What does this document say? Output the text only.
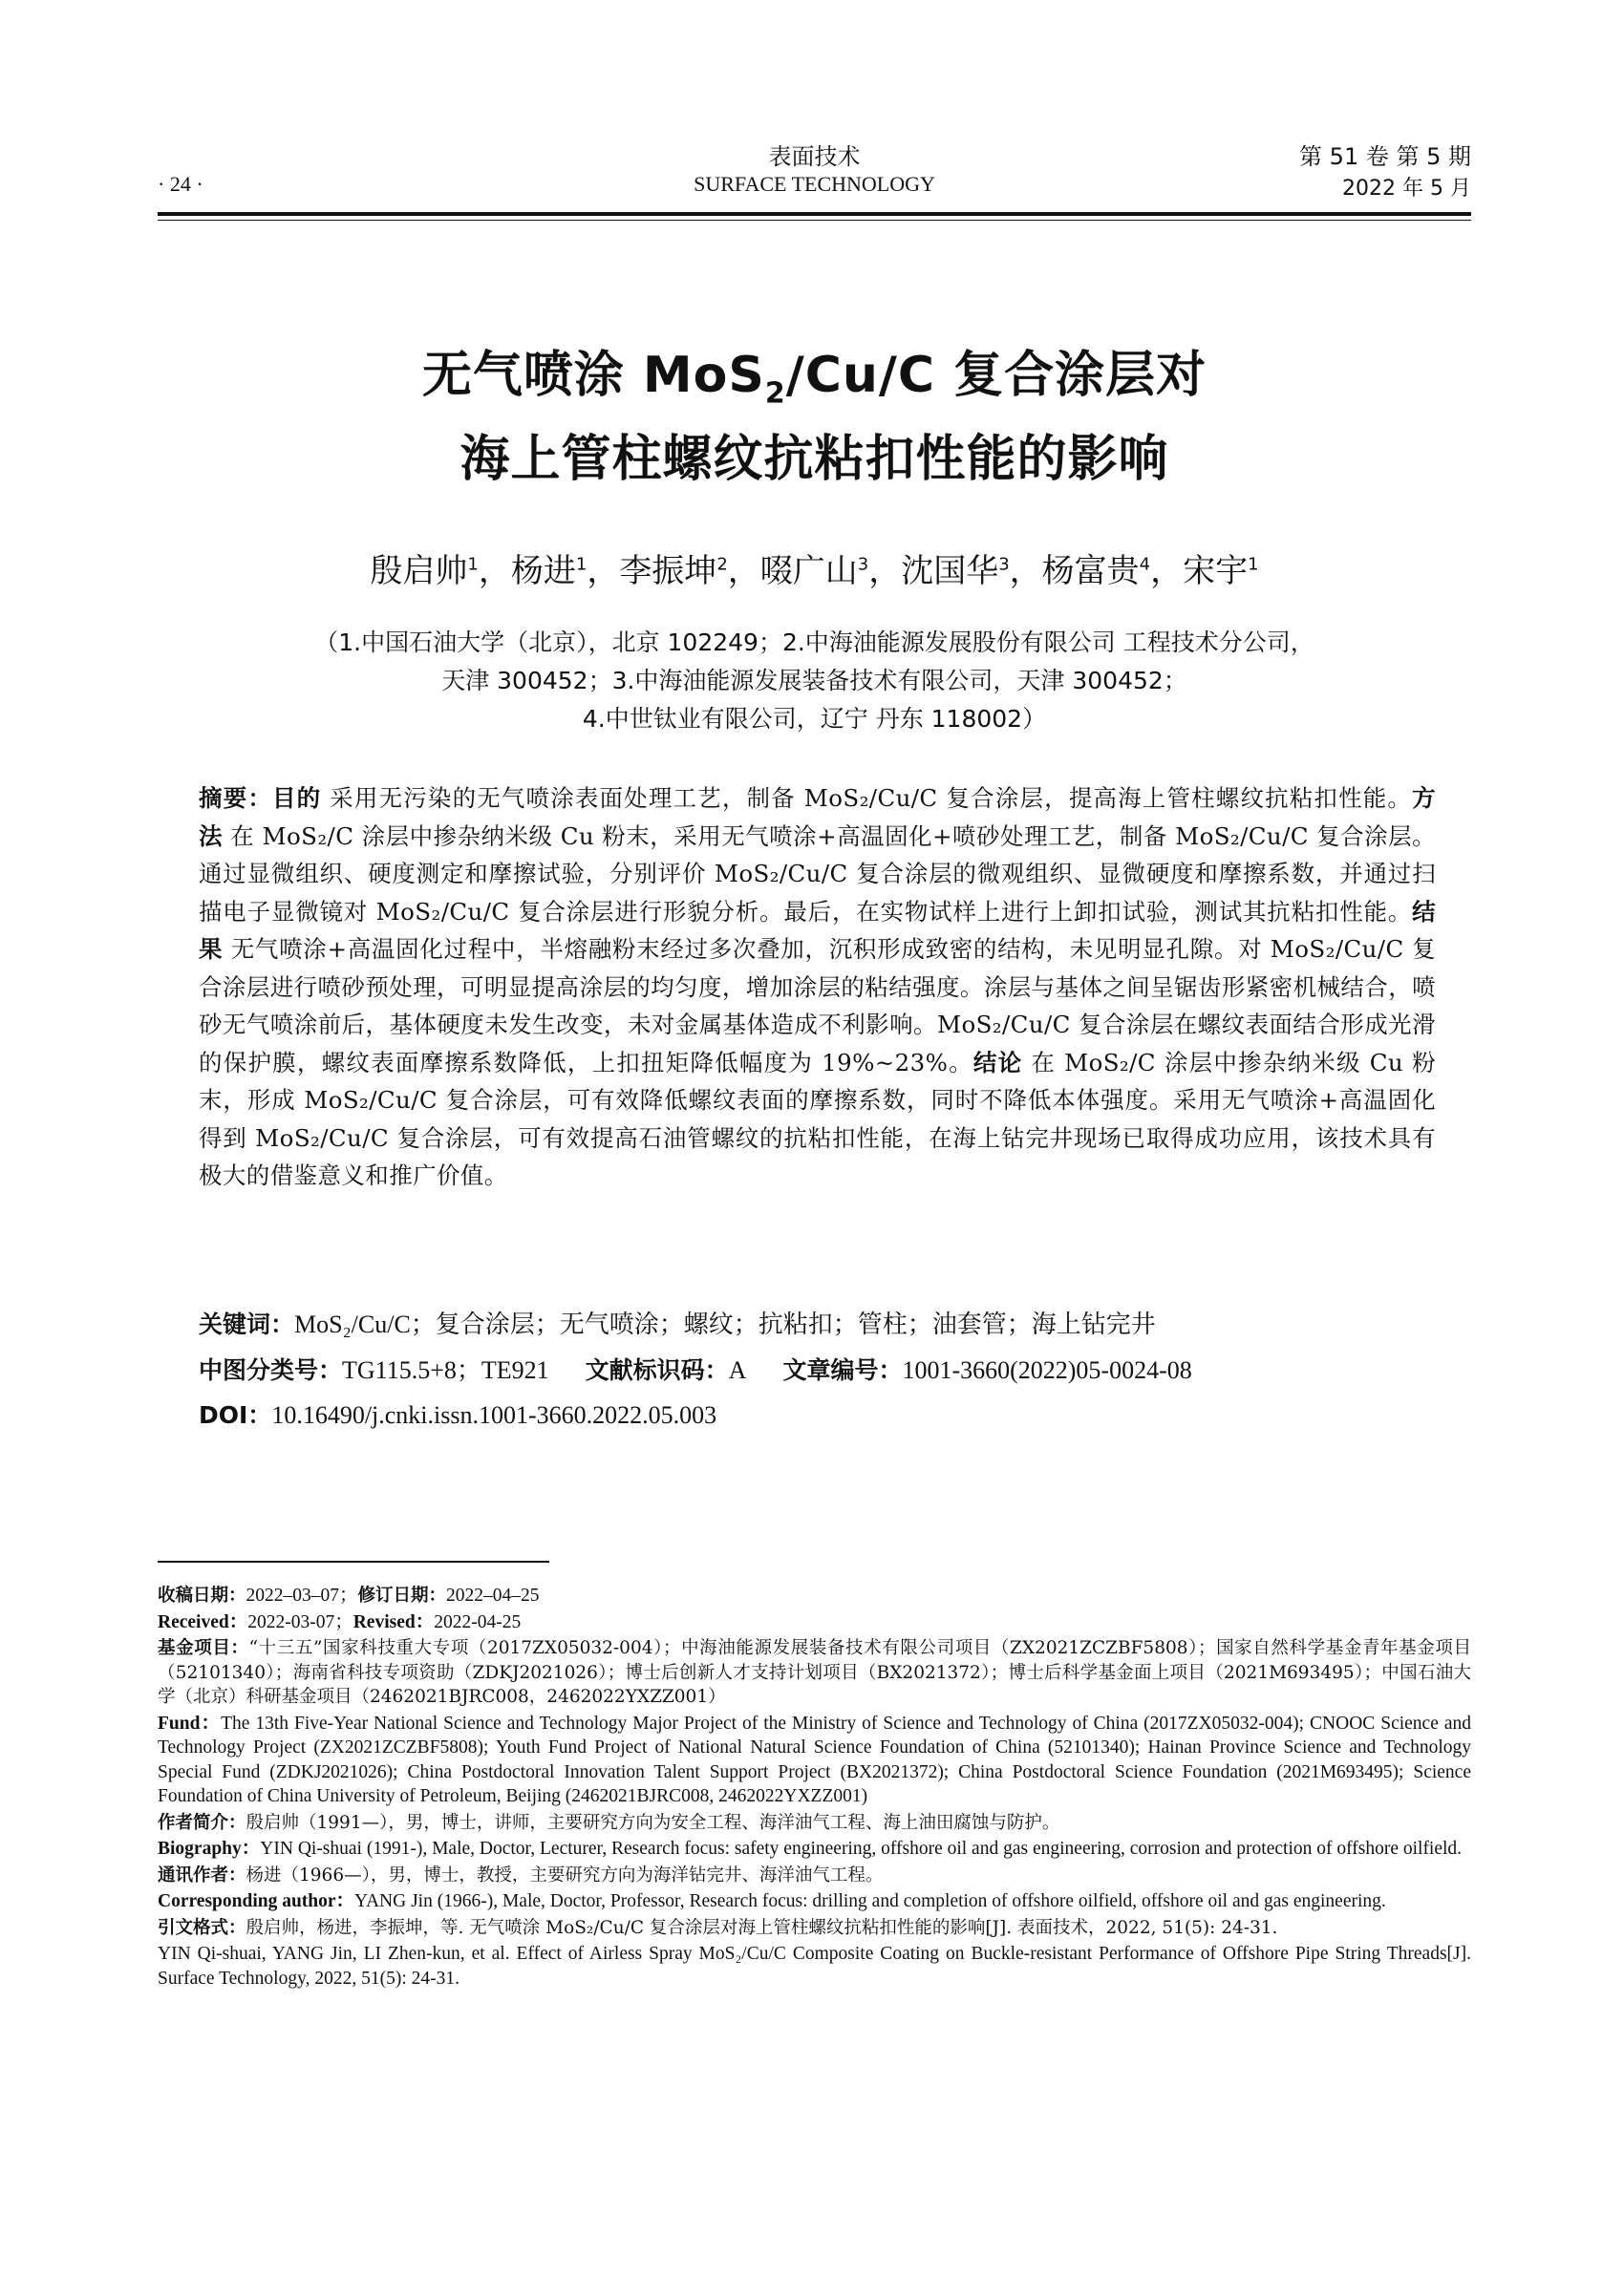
· 24 ·
表面技术
SURFACE TECHNOLOGY
第 51 卷 第 5 期
2022 年 5 月
无气喷涂 MoS$_2$/Cu/C 复合涂层对
海上管柱螺纹抗粘扣性能的影响
殷启帅$^1$，杨进$^1$，李振坤$^2$，啜广山$^3$，沈国华$^3$，杨富贵$^4$，宋宇$^1$
（1.中国石油大学（北京），北京 102249；2.中海油能源发展股份有限公司 工程技术分公司，
天津 300452；3.中海油能源发展装备技术有限公司，天津 300452；
4.中世钛业有限公司，辽宁 丹东 118002）
摘要：目的 采用无污染的无气喷涂表面处理工艺，制备 MoS₂/Cu/C 复合涂层，提高海上管柱螺纹抗粘扣性能。方法 在 MoS₂/C 涂层中掺杂纳米级 Cu 粉末，采用无气喷涂+高温固化+喷砂处理工艺，制备 MoS₂/Cu/C 复合涂层。通过显微组织、硬度测定和摩擦试验，分别评价 MoS₂/Cu/C 复合涂层的微观组织、显微硬度和摩擦系数，并通过扫描电子显微镜对 MoS₂/Cu/C 复合涂层进行形貌分析。最后，在实物试样上进行上卸扣试验，测试其抗粘扣性能。结果 无气喷涂+高温固化过程中，半熔融粉末经过多次叠加，沉积形成致密的结构，未见明显孔隙。对 MoS₂/Cu/C 复合涂层进行喷砂预处理，可明显提高涂层的均匀度，增加涂层的粘结强度。涂层与基体之间呈锯齿形紧密机械结合，喷砂无气喷涂前后，基体硬度未发生改变，未对金属基体造成不利影响。MoS₂/Cu/C 复合涂层在螺纹表面结合形成光滑的保护膜，螺纹表面摩擦系数降低，上扣扭矩降低幅度为 19%~23%。结论 在 MoS₂/C 涂层中掺杂纳米级 Cu 粉末，形成 MoS₂/Cu/C 复合涂层，可有效降低螺纹表面的摩擦系数，同时不降低本体强度。采用无气喷涂+高温固化得到 MoS₂/Cu/C 复合涂层，可有效提高石油管螺纹的抗粘扣性能，在海上钻完井现场已取得成功应用，该技术具有极大的借鉴意义和推广价值。
关键词：MoS₂/Cu/C；复合涂层；无气喷涂；螺纹；抗粘扣；管柱；油套管；海上钻完井
中图分类号：TG115.5+8；TE921 文献标识码：A 文章编号：1001-3660(2022)05-0024-08
DOI：10.16490/j.cnki.issn.1001-3660.2022.05.003

收稿日期：2022–03–07；修订日期：2022–04–25

Received：2022-03-07；Revised：2022-04-25

基金项目：“十三五”国家科技重大专项（2017ZX05032-004）；中海油能源发展装备技术有限公司项目（ZX2021ZCZBF5808）；国家自然科学基金青年基金项目（52101340）；海南省科技专项资助（ZDKJ2021026）；博士后创新人才支持计划项目（BX2021372）；博士后科学基金面上项目（2021M693495）；中国石油大学（北京）科研基金项目（2462021BJRC008，2462022YXZZ001）

Fund：The 13th Five-Year National Science and Technology Major Project of the Ministry of Science and Technology of China (2017ZX05032-004); CNOOC Science and Technology Project (ZX2021ZCZBF5808); Youth Fund Project of National Natural Science Foundation of China (52101340); Hainan Province Science and Technology Special Fund (ZDKJ2021026); China Postdoctoral Innovation Talent Support Project (BX2021372); China Postdoctoral Science Foundation (2021M693495); Science Foundation of China University of Petroleum, Beijing (2462021BJRC008, 2462022YXZZ001)

作者简介：殷启帅（1991—），男，博士，讲师，主要研究方向为安全工程、海洋油气工程、海上油田腐蚀与防护。

Biography：YIN Qi-shuai (1991-), Male, Doctor, Lecturer, Research focus: safety engineering, offshore oil and gas engineering, corrosion and protection of offshore oilfield.

通讯作者：杨进（1966—），男，博士，教授，主要研究方向为海洋钻完井、海洋油气工程。

Corresponding author：YANG Jin (1966-), Male, Doctor, Professor, Research focus: drilling and completion of offshore oilfield, offshore oil and gas engineering.

引文格式：殷启帅，杨进，李振坤，等. 无气喷涂 MoS₂/Cu/C 复合涂层对海上管柱螺纹抗粘扣性能的影响[J]. 表面技术，2022, 51(5): 24-31.

YIN Qi-shuai, YANG Jin, LI Zhen-kun, et al. Effect of Airless Spray MoS₂/Cu/C Composite Coating on Buckle-resistant Performance of Offshore Pipe String Threads[J]. Surface Technology, 2022, 51(5): 24-31.
